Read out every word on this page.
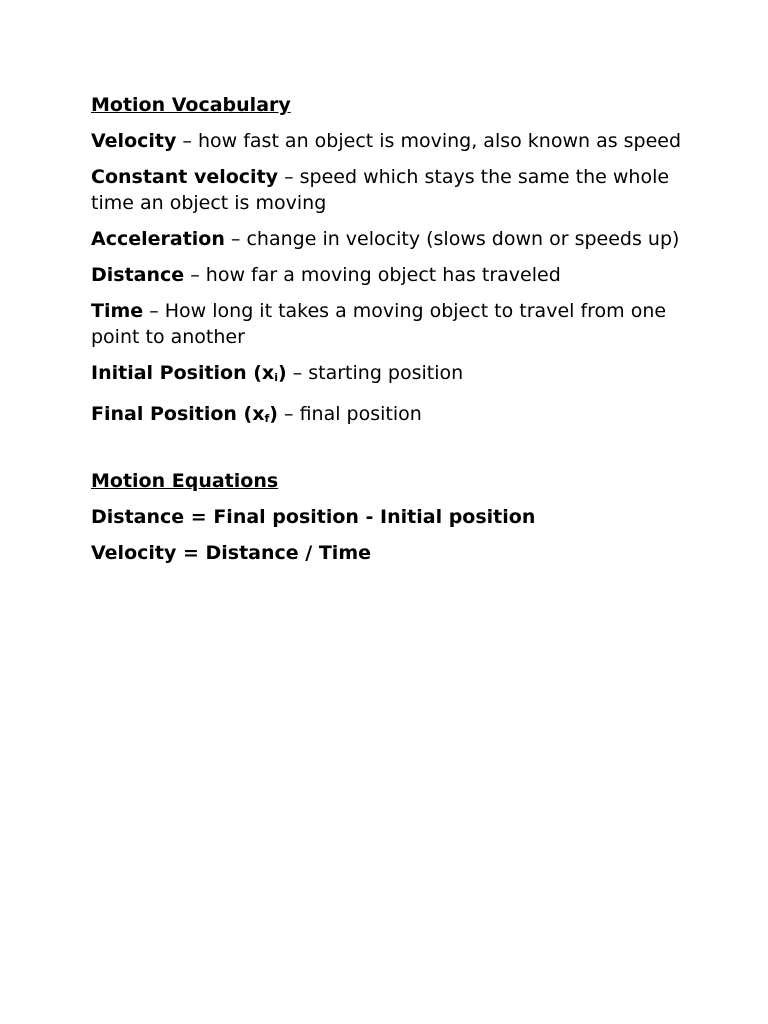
Motion Vocabulary
Velocity – how fast an object is moving, also known as speed
Constant velocity – speed which stays the same the whole time an object is moving
Acceleration – change in velocity (slows down or speeds up)
Distance – how far a moving object has traveled
Time – How long it takes a moving object to travel from one point to another
Initial Position (xi) – starting position
Final Position (xf) – final position
Motion Equations
Distance = Final position - Initial position
Velocity = Distance / Time
